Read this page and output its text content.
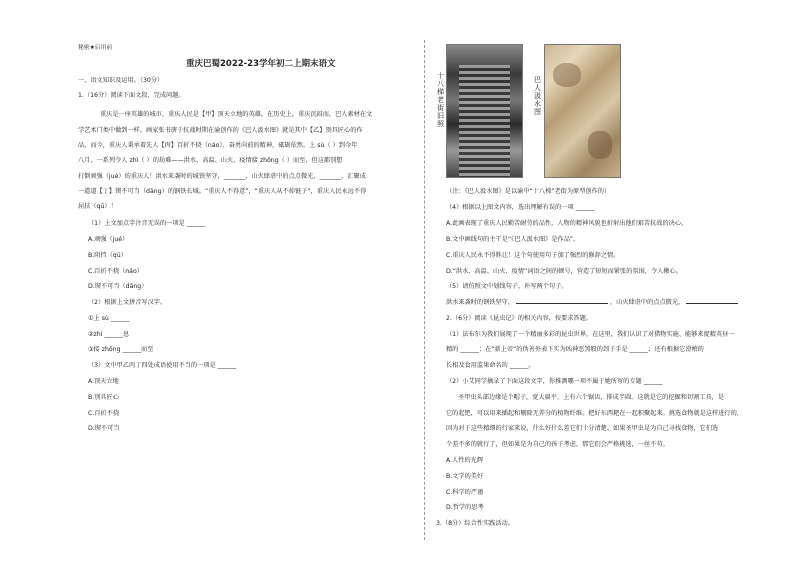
秘密★启用前
重庆巴蜀2022-23学年初二上期末语文
一、语文知识及运用。（30分）
1.（16分）阅读下面文段，完成问题。
重庆是一座英雄的城市，重庆人民是【甲】顶天立地的英雄。在历史上，重庆沉闷而，巴人素材在文
学艺术门类中做到一样，画家张书旂于抗战时期在渝创作的《巴人汲水图》就是其中【乙】别具匠心的作
品，而今，重庆人秉承着先人【丙】百折不挠（náo）、奋勇向前的精神，砥砺依然。上 sù（ ）到今年
八月，一系列令人 zhì（ ）的劫难——洪水、高温、山火、疫情接 zhǒng（ ）而至，但这都别想
打倒顽强（jué）的重庆人！洪水来袭时的城铁坚守，_______，山火肆虐中的点点微光，_______，汇聚成
一道道【丁】锲不可当（dāng）的钢铁长城。“重庆人不得意”，“重庆人从不掉链子”，重庆人民永远不得
屈扶（qū）！
（1）上文加点字注音无误的一项是 ______
A.顽强（jué）
B.阻挡（qū）
C.百折不挠（náo）
D.锲不可当（dāng）
（2）根据上文拼音写汉字。
①上 sù ______
②zhì ______息
③接 zhǒng ______而至
（3）文中甲乙丙丁四处成语使用不当的一项是 ______
A.顶天立地
B.别具匠心
C.百折不挠
D.锲不可当
十八梯老街旧照
巴人汲水图
（注：《巴人汲水图》是以渝中“十八梯”老街为原型创作的）
（4）根据以上图文内容，选出理解有误的一项 ______
A.此画表现了重庆人民勤苦耐劳的品性，人物的精神风貌也折射出他们艰苦抗战的决心。
B.文中画线句的主干是“《巴人汲水图》是作品”。
C.重庆人民永不得胜让！这个句使用句子加了强烈的修辞之情。
D.“洪水、高温、山火、疫情”词语之间的顿号，营造了短短而紧张的氛围，令人揪心。
（5）请仿照文中划线句子，补写两个句子。
洪水来袭时的钢铁坚守，	，山火肆虐中的点点微光，
2.（6分）阅读《昆虫记》的相关内容，按要求答题。
（1）法布尔为我们展现了一个精丽多彩的昆虫世界，在这里，我们认识了对猎物实施、能够来捉精英昼一
精的 ______；在“新上帝”的伪善外表下实为凶神恶煞般的刽子手是 ______；还有根据它滑稽的
长相及食用监果命名的 ______。
（2）小艾同学摘录了下面这段文字，你推测哪一项不属于她所写的专题 ______
圣甲虫头部边缘是个帽子，宽大扁平，上有六个锯齿，排成半圆。这就是它的挖掘和切割工具，是
它的起钯，可以用来插起和剔除无养分的植物纤维。把好东西耙在一起积聚起来。挑选食物就是这样进行的，
因为对于这些精细的行家来说，什么好什么差它们十分清楚。如果圣甲虫是为自己寻找食物，它们选
个差不多的就行了，但如果是为自己的孩子考虑，那它们会严格挑选，一丝不苟。
A.人性的光辉
B.文学的美好
C.科学的严谨
D.哲学的思考
3.（8分）综合性实践活动。
